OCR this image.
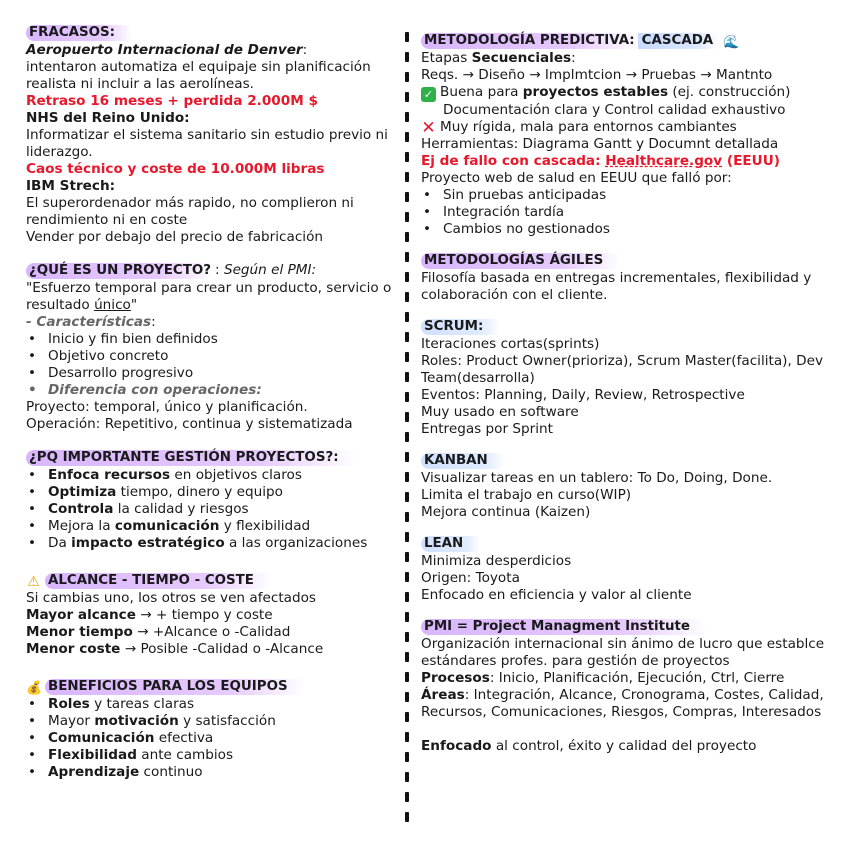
FRACASOS:

Aeropuerto Internacional de Denver:

intentaron automatiza el equipaje sin planificación realista ni incluir a las aerolíneas.

Retraso 16 meses + perdida 2.000M $

NHS del Reino Unido:

Informatizar el sistema sanitario sin estudio previo ni liderazgo.

Caos técnico y coste de 10.000M libras

IBM Strech:

El superordenador más rapido, no complieron ni rendimiento ni en coste

Vender por debajo del precio de fabricación

¿QUÉ ES UN PROYECTO? : Según el PMI:

"Esfuerzo temporal para crear un producto, servicio o resultado único"

- Características:

• Inicio y fin bien definidos
• Objetivo concreto
• Desarrollo progresivo
• Diferencia con operaciones:

Proyecto: temporal, único y planificación.

Operación: Repetitivo, continua y sistematizada

¿PQ IMPORTANTE GESTIÓN PROYECTOS?:
• Enfoca recursos en objetivos claros
• Optimiza tiempo, dinero y equipo
• Controla la calidad y riesgos
• Mejora la comunicación y flexibilidad
• Da impacto estratégico a las organizaciones

⚠ ALCANCE - TIEMPO - COSTE

Si cambias uno, los otros se ven afectados

Mayor alcance → + tiempo y coste

Menor tiempo → +Alcance o -Calidad

Menor coste → Posible -Calidad o -Alcance

💰 BENEFICIOS PARA LOS EQUIPOS

• Roles y tareas claras
• Mayor motivación y satisfacción
• Comunicación efectiva
• Flexibilidad ante cambios
• Aprendizaje continuo

METODOLOGÍA PREDICTIVA: CASCADA 🌊

Etapas Secuenciales:

Reqs. → Diseño → Implmtcion → Pruebas → Mantnto

✓ Buena para proyectos estables (ej. construcción)

Documentación clara y Control calidad exhaustivo

✕ Muy rígida, mala para entornos cambiantes

Herramientas: Diagrama Gantt y Documnt detallada

Ej de fallo con cascada: Healthcare.gov (EEUU)

Proyecto web de salud en EEUU que falló por:

• Sin pruebas anticipadas
• Integración tardía
• Cambios no gestionados
METODOLOGÍAS ÁGILES

Filosofía basada en entregas incrementales, flexibilidad y colaboración con el cliente.

SCRUM:

Iteraciones cortas(sprints)

Roles: Product Owner(prioriza), Scrum Master(facilita), Dev Team(desarrolla)

Eventos: Planning, Daily, Review, Retrospective

Muy usado en software

Entregas por Sprint

KANBAN

Visualizar tareas en un tablero: To Do, Doing, Done.

Limita el trabajo en curso(WIP)

Mejora continua (Kaizen)

LEAN

Minimiza desperdicios

Origen: Toyota

Enfocado en eficiencia y valor al cliente

PMI = Project Managment Institute

Organización internacional sin ánimo de lucro que establce estándares profes. para gestión de proyectos

Procesos: Inicio, Planificación, Ejecución, Ctrl, Cierre

Áreas: Integración, Alcance, Cronograma, Costes, Calidad, Recursos, Comunicaciones, Riesgos, Compras, Interesados

Enfocado al control, éxito y calidad del proyecto
